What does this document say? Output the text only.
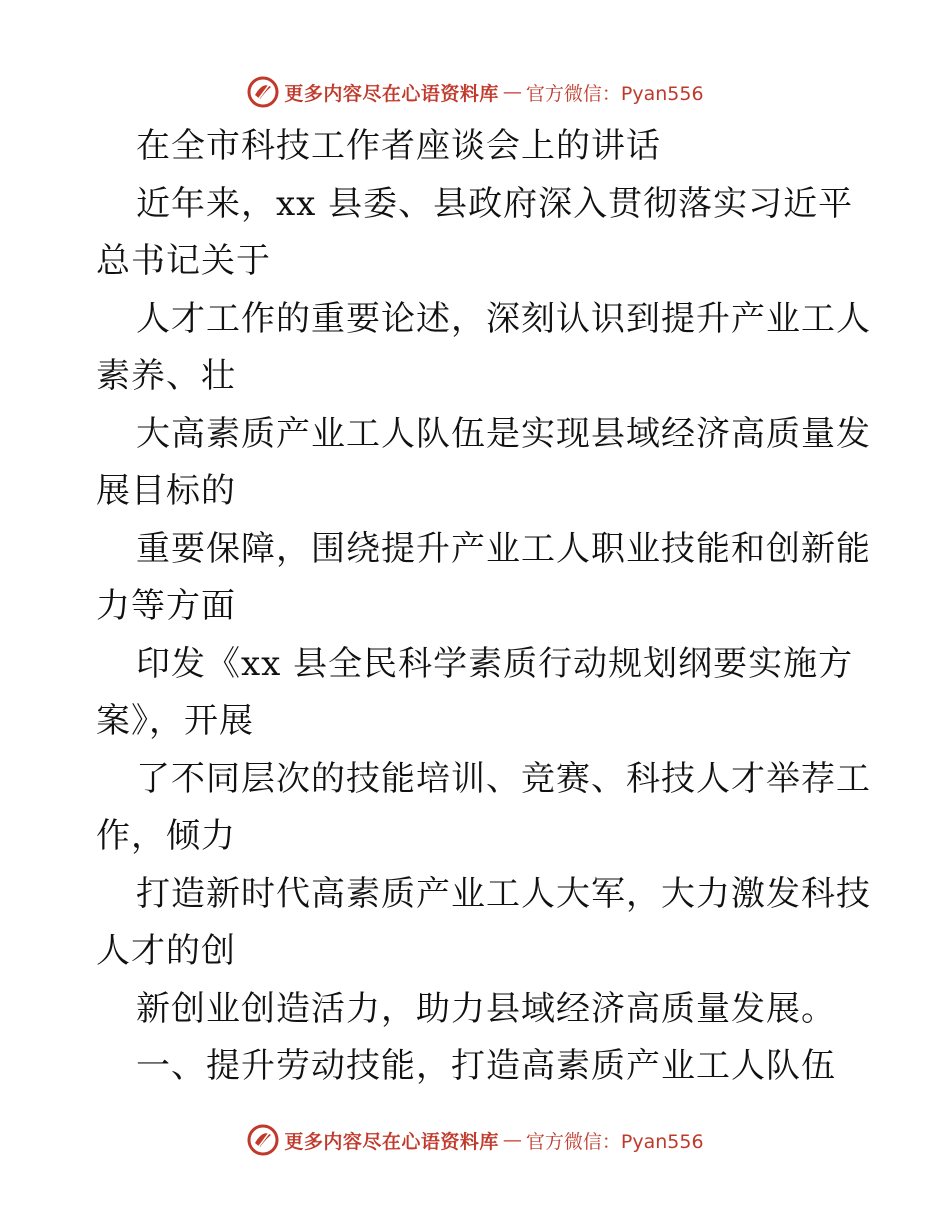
更多内容尽在心语资料库 — 官方微信：Pyan556
在全市科技工作者座谈会上的讲话
近年来，xx 县委、县政府深入贯彻落实习近平
总书记关于
人才工作的重要论述，深刻认识到提升产业工人
素养、壮
大高素质产业工人队伍是实现县域经济高质量发
展目标的
重要保障，围绕提升产业工人职业技能和创新能
力等方面
印发《xx 县全民科学素质行动规划纲要实施方
案》，开展
了不同层次的技能培训、竞赛、科技人才举荐工
作，倾力
打造新时代高素质产业工人大军，大力激发科技
人才的创
新创业创造活力，助力县域经济高质量发展。
一、提升劳动技能，打造高素质产业工人队伍
更多内容尽在心语资料库 — 官方微信：Pyan556
